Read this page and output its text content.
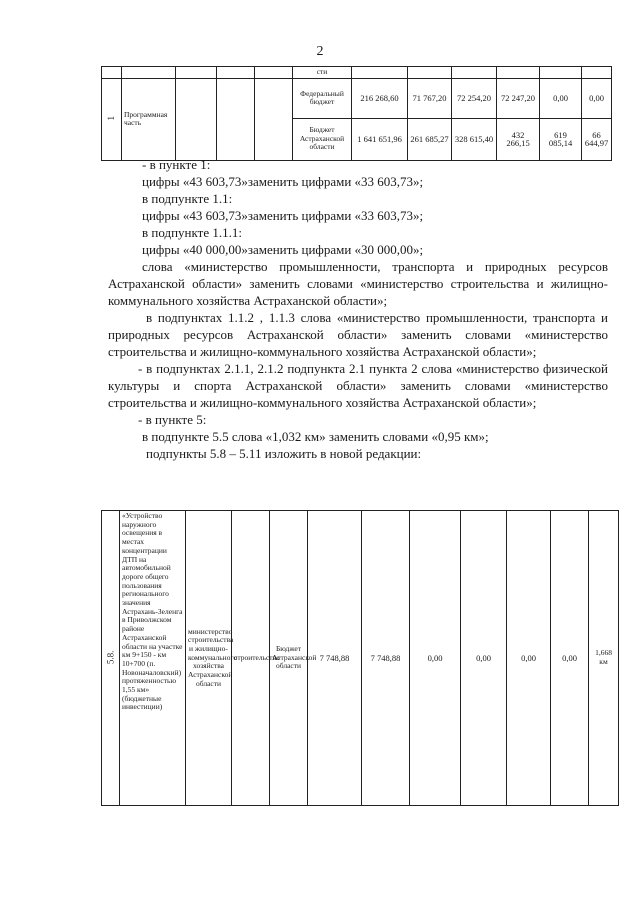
2
					сти						
1	Программная часть				Федеральный бюджет	216 268,60	71 767,20	72 254,20	72 247,20	0,00	0,00
					Бюджет Астраханской области	1 641 651,96	261 685,27	328 615,40	432 266,15	619 085,14	66 644,97

- в пункте 1:

цифры «43 603,73»заменить цифрами «33 603,73»;

в подпункте 1.1:

цифры «43 603,73»заменить цифрами «33 603,73»;

в подпункте 1.1.1:

цифры «40 000,00»заменить цифрами «30 000,00»;

слова «министерство промышленности, транспорта и природных ресурсов Астраханской области» заменить словами «министерство строительства и жилищно-коммунального хозяйства Астраханской области»;

в подпунктах 1.1.2 , 1.1.3 слова «министерство промышленности, транспорта и природных ресурсов Астраханской области» заменить словами «министерство строительства и жилищно-коммунального хозяйства Астраханской области»;

- в подпунктах 2.1.1, 2.1.2 подпункта 2.1 пункта 2 слова «министерство физической культуры и спорта Астраханской области» заменить словами «министерство строительства и жилищно-коммунального хозяйства Астраханской области»;

- в пункте 5:

в подпункте 5.5 слова «1,032 км» заменить словами «0,95 км»;

подпункты 5.8 – 5.11 изложить в новой редакции:

5.8.	«Устройство наружного освещения в местах концентрации ДТП на автомобильной дороге общего пользования регионального значения Астрахань-Зеленга в Приволжском районе Астраханской области на участке км 9+150 - км 10+700 (п. Новоначаловский) протяженностью 1,55 км» (бюджетные инвестиции)	министерство строительства и жилищно-коммунального хозяйства Астраханской области	строительство	Бюджет Астраханской области	7 748,88	7 748,88	0,00	0,00	0,00	0,00	1,668 км
